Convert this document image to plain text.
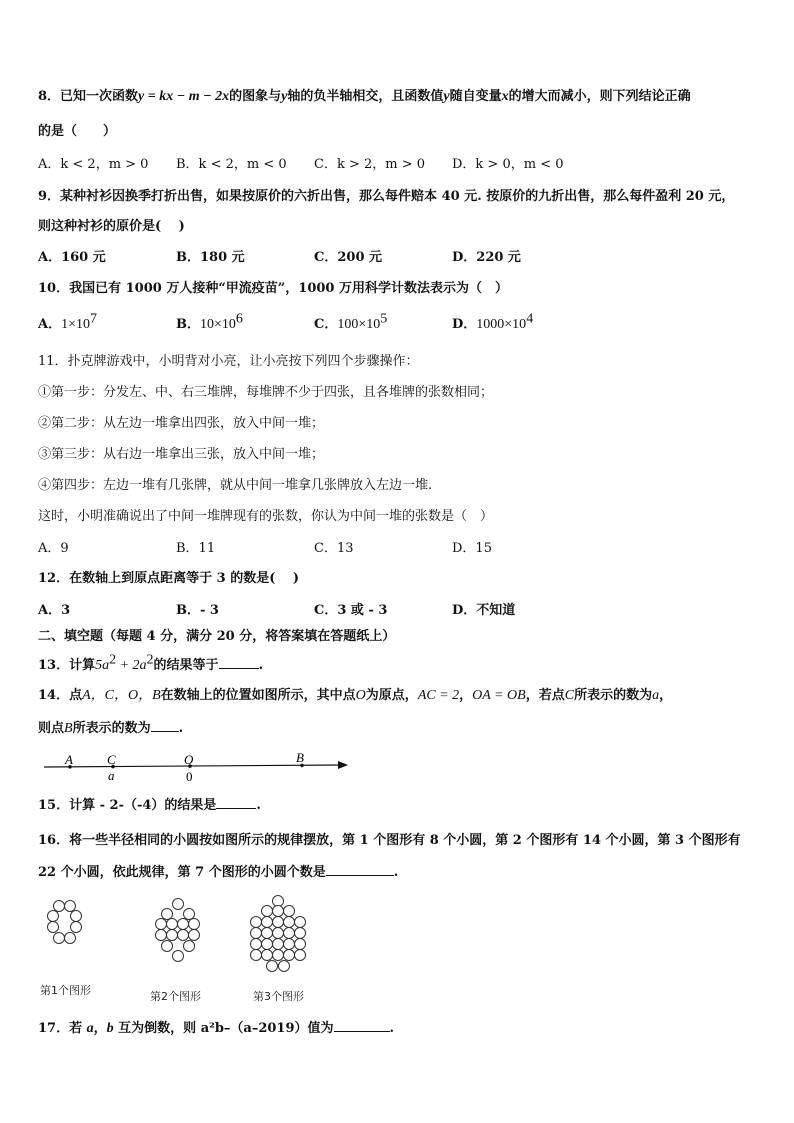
8．已知一次函数y = kx − m − 2x的图象与y轴的负半轴相交，且函数值y随自变量x的增大而减小，则下列结论正确
的是（　　）
A．k < 2，m > 0 B．k < 2，m < 0 C．k > 2，m > 0 D．k > 0，m < 0
9．某种衬衫因换季打折出售，如果按原价的六折出售，那么每件赔本 40 元. 按原价的九折出售，那么每件盈利 20 元，
则这种衬衫的原价是(　 )
A．160 元	B．180 元	C．200 元	D．220 元
10．我国已有 1000 万人接种“甲流疫苗”，1000 万用科学计数法表示为（　）
A．$1\times 10^7$	B．$10\times 10^6$	C．$100\times 10^5$	D．$1000\times 10^4$
11．扑克牌游戏中，小明背对小亮，让小亮按下列四个步骤操作：
①第一步：分发左、中、右三堆牌，每堆牌不少于四张，且各堆牌的张数相同；
②第二步：从左边一堆拿出四张，放入中间一堆；
③第三步：从右边一堆拿出三张，放入中间一堆；
④第四步：左边一堆有几张牌，就从中间一堆拿几张牌放入左边一堆.
这时，小明准确说出了中间一堆牌现有的张数，你认为中间一堆的张数是（　）
A．9	B．11	C．13	D．15
12．在数轴上到原点距离等于 3 的数是(　 )
A．3	B．- 3	C．3 或 - 3	D．不知道
二、填空题（每题 4 分，满分 20 分，将答案填在答题纸上）
13．计算$5a^2 + 2a^2$的结果等于	.
14．点A，C，O，B在数轴上的位置如图所示，其中点O为原点，AC = 2，OA = OB，若点C所表示的数为a，
则点B所表示的数为 .
A	C	O	B
a	0
15．计算 - 2-（-4）的结果是	.
16．将一些半径相同的小圆按如图所示的规律摆放，第 1 个图形有 8 个小圆，第 2 个图形有 14 个小圆，第 3 个图形有
22 个小圆，依此规律，第 7 个图形的小圆个数是	.
第1个图形	第2个图形	第3个图形
17．若 a，b 互为倒数，则 a²b–（a–2019）值为	.
